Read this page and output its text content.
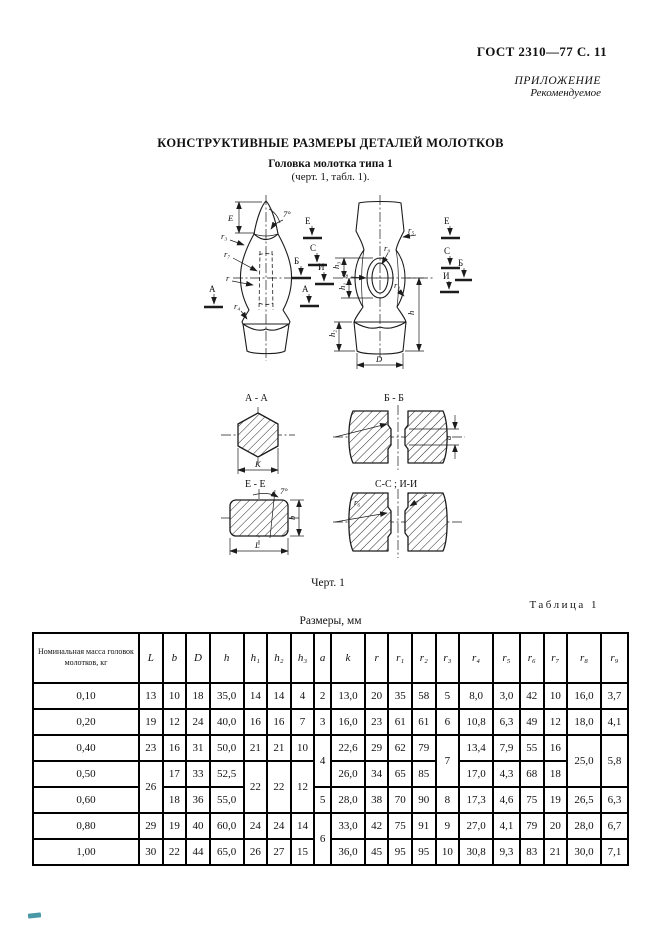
ГОСТ 2310—77 С. 11
ПРИЛОЖЕНИЕ
Рекомендуемое
КОНСТРУКТИВНЫЕ РАЗМЕРЫ ДЕТАЛЕЙ МОЛОТКОВ
Головка молотка типа 1
(черт. 1, табл. 1).
E	7°
r₃
r₇
r
А
r₄
Е
С
Б
И
А
r₅
r₉
r₈
r₁
h₃
h₁
h
h₂
D
Е
С
Б
И
А - А
K
Б - Б
a
Е - Е
7°
b
L
С-С ; И-И
r₆
Черт. 1
Таблица 1
Размеры, мм
Номинальная масса головок молотков, кг	L	b	D	h	h₁	h₂	h₃	a	k	r	r₁	r₂	r₃	r₄	r₅	r₆	r₇	r₈	r₉
0,10	13	10	18	35,0	14	14	4	2	13,0	20	35	58	5	8,0	3,0	42	10	16,0	3,7
0,20	19	12	24	40,0	16	16	7	3	16,0	23	61	61	6	10,8	6,3	49	12	18,0	4,1
0,40	23	16	31	50,0	21	21	10	4	22,6	29	62	79	7	13,4	7,9	55	16	25,0	5,8
0,50	26	17	33	52,5	22	22	12		26,0	34	65	85		17,0	4,3	68	18		
0,60		18	36	55,0				5	28,0	38	70	90	8	17,3	4,6	75	19	26,5	6,3
0,80	29	19	40	60,0	24	24	14	6	33,0	42	75	91	9	27,0	4,1	79	20	28,0	6,7
1,00	30	22	44	65,0	26	27	15		36,0	45	95	95	10	30,8	9,3	83	21	30,0	7,1
